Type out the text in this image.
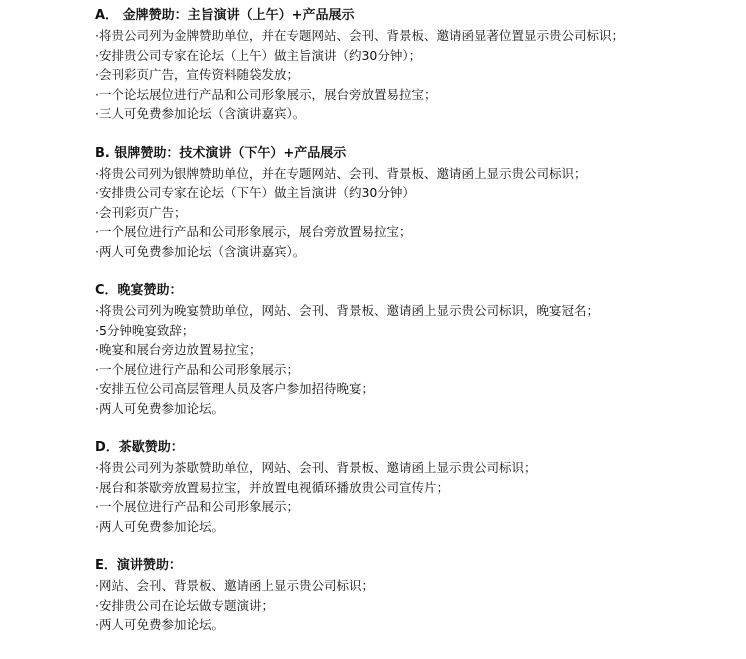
A． 金牌赞助：主旨演讲（上午）+产品展示
·将贵公司列为金牌赞助单位，并在专题网站、会刊、背景板、邀请函显著位置显示贵公司标识；
·安排贵公司专家在论坛（上午）做主旨演讲（约30分钟）；
·会刊彩页广告，宣传资料随袋发放；
·一个论坛展位进行产品和公司形象展示，展台旁放置易拉宝；
·三人可免费参加论坛（含演讲嘉宾）。
B. 银牌赞助：技术演讲（下午）+产品展示
·将贵公司列为银牌赞助单位，并在专题网站、会刊、背景板、邀请函上显示贵公司标识；
·安排贵公司专家在论坛（下午）做主旨演讲（约30分钟）
·会刊彩页广告；
·一个展位进行产品和公司形象展示，展台旁放置易拉宝；
·两人可免费参加论坛（含演讲嘉宾）。
C．晚宴赞助：
·将贵公司列为晚宴赞助单位，网站、会刊、背景板、邀请函上显示贵公司标识，晚宴冠名；
·5分钟晚宴致辞；
·晚宴和展台旁边放置易拉宝；
·一个展位进行产品和公司形象展示；
·安排五位公司高层管理人员及客户参加招待晚宴；
·两人可免费参加论坛。
D．茶歇赞助：
·将贵公司列为茶歇赞助单位，网站、会刊、背景板、邀请函上显示贵公司标识；
·展台和茶歇旁放置易拉宝，并放置电视循环播放贵公司宣传片；
·一个展位进行产品和公司形象展示；
·两人可免费参加论坛。
E．演讲赞助：
·网站、会刊、背景板、邀请函上显示贵公司标识；
·安排贵公司在论坛做专题演讲；
·两人可免费参加论坛。
